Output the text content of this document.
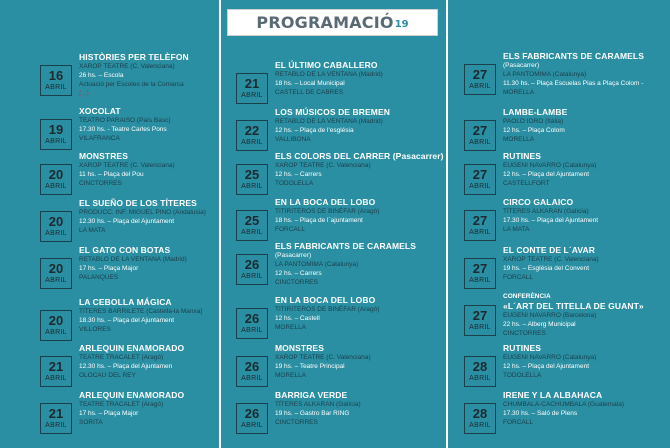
PROGRAMACIÓ 19
16
ABRIL
HISTÒRIES PER TELÈFON
XAROP TEATRE (C. Valenciana)
26 hs. – Escola
Actuació per Escoles de la Comarca
(...)
19
ABRIL
XOCOLAT
TEATRO PARAISO (País Basc)
17.30 hs. - Teatre Carles Pons
VILAFRANCA
20
ABRIL
MONSTRES
XAROP TEATRE (C. Valenciana)
11 hs. – Plaça del Pou
CINCTORRES
20
ABRIL
EL SUEÑO DE LOS TÍTERES
PRODUCC. INF. MIGUEL PINO (Andalusia)
12.30 hs. – Plaça del Ajuntament
LA MATA
20
ABRIL
EL GATO CON BOTAS
RETABLO DE LA VENTANA (Madrid)
17 hs. – Plaça Major
PALANQUES
20
ABRIL
LA CEBOLLA MÁGICA
TÍTERES BARRILETE (Castella-la Manxa)
18.30 hs. – Plaça del Ajuntament
VILLORES
21
ABRIL
ARLEQUIN ENAMORADO
TEATRE TRACALET (Aragó)
12.30 hs. – Plaça del Ajuntamen
OLOCAU DEL REY
21
ABRIL
ARLEQUIN ENAMORADO
TEATRE TRACALET (Aragó)
17 hs. – Plaça Major
SORITA
21
ABRIL
EL ÚLTIMO CABALLERO
RETABLO DE LA VENTANA (Madrid)
18 hs. – Local Municipal
CASTELL DE CABRES
22
ABRIL
LOS MÚSICOS DE BREMEN
RETABLO DE LA VENTANA (Madrid)
12 hs. – Plaça de l'església
VALLIBONA
25
ABRIL
ELS COLORS DEL CARRER (Pasacarrer)
XAROP TEATRE (C. Valenciana)
12 hs. – Carrers
TODOLELLA
25
ABRIL
EN LA BOCA DEL LOBO
TITIRITEROS DE BINÉFAR (Aragó)
18 hs. – Plaça de l´ajuntament
FORCALL
26
ABRIL
ELS FABRICANTS DE CARAMELS
(Pasacarrer)
LA PANTOMIMA (Catalunya)
12 hs. – Carrers
CINCTORRES
26
ABRIL
EN LA BOCA DEL LOBO
TITIRITEROS DE BINÉFAR (Aragó)
12 hs. – Castell
MORELLA
26
ABRIL
MONSTRES
XAROP TEATRE (C. Valenciana)
19 hs. – Teatre Principal
MORELLA
26
ABRIL
BARRIGA VERDE
TÍTERES ALKARAN (Galícia)
19 hs. – Gastro Bar RING
CINCTORRES
27
ABRIL
ELS FABRICANTS DE CARAMELS
(Pasacarrer)
LA PANTOMIMA (Catalunya)
11.30 hs. – Plaça Escuelas Pias a Plaça Colom -
MORELLA
27
ABRIL
LAMBE-LAMBE
PAOLO IORO (Itàlia)
12 hs. – Plaça Colom
MORELLA
27
ABRIL
RUTINES
EUGENI NAVARRO (Catalunya)
12 hs. – Plaça del Ajuntament
CASTELLFORT
27
ABRIL
CIRCO GALAICO
TÍTERES ALKARAN (Galícia)
17.30 hs. – Plaça del Ajuntament
LA MATA
27
ABRIL
EL CONTE DE L´AVAR
XAROP TEATRE (C. Valenciana)
19 hs. – Església del Convent
FORCALL
27
ABRIL
CONFERÈNCIA
«L´ART DEL TITELLA DE GUANT»
EUGENI NAVARRO (Barcelona)
22 hs. – Alberg Municipal
CINCTORRES
28
ABRIL
RUTINES
EUGENI NAVARRO (Catalunya)
12 hs. – Plaça del Ajuntament
TODOLELLA
28
ABRIL
IRENE Y LA ALBAHACA
CHUMBALA-CACHUMBALA (Guatemala)
17.30 hs. – Saló de Plens
FORCALL
